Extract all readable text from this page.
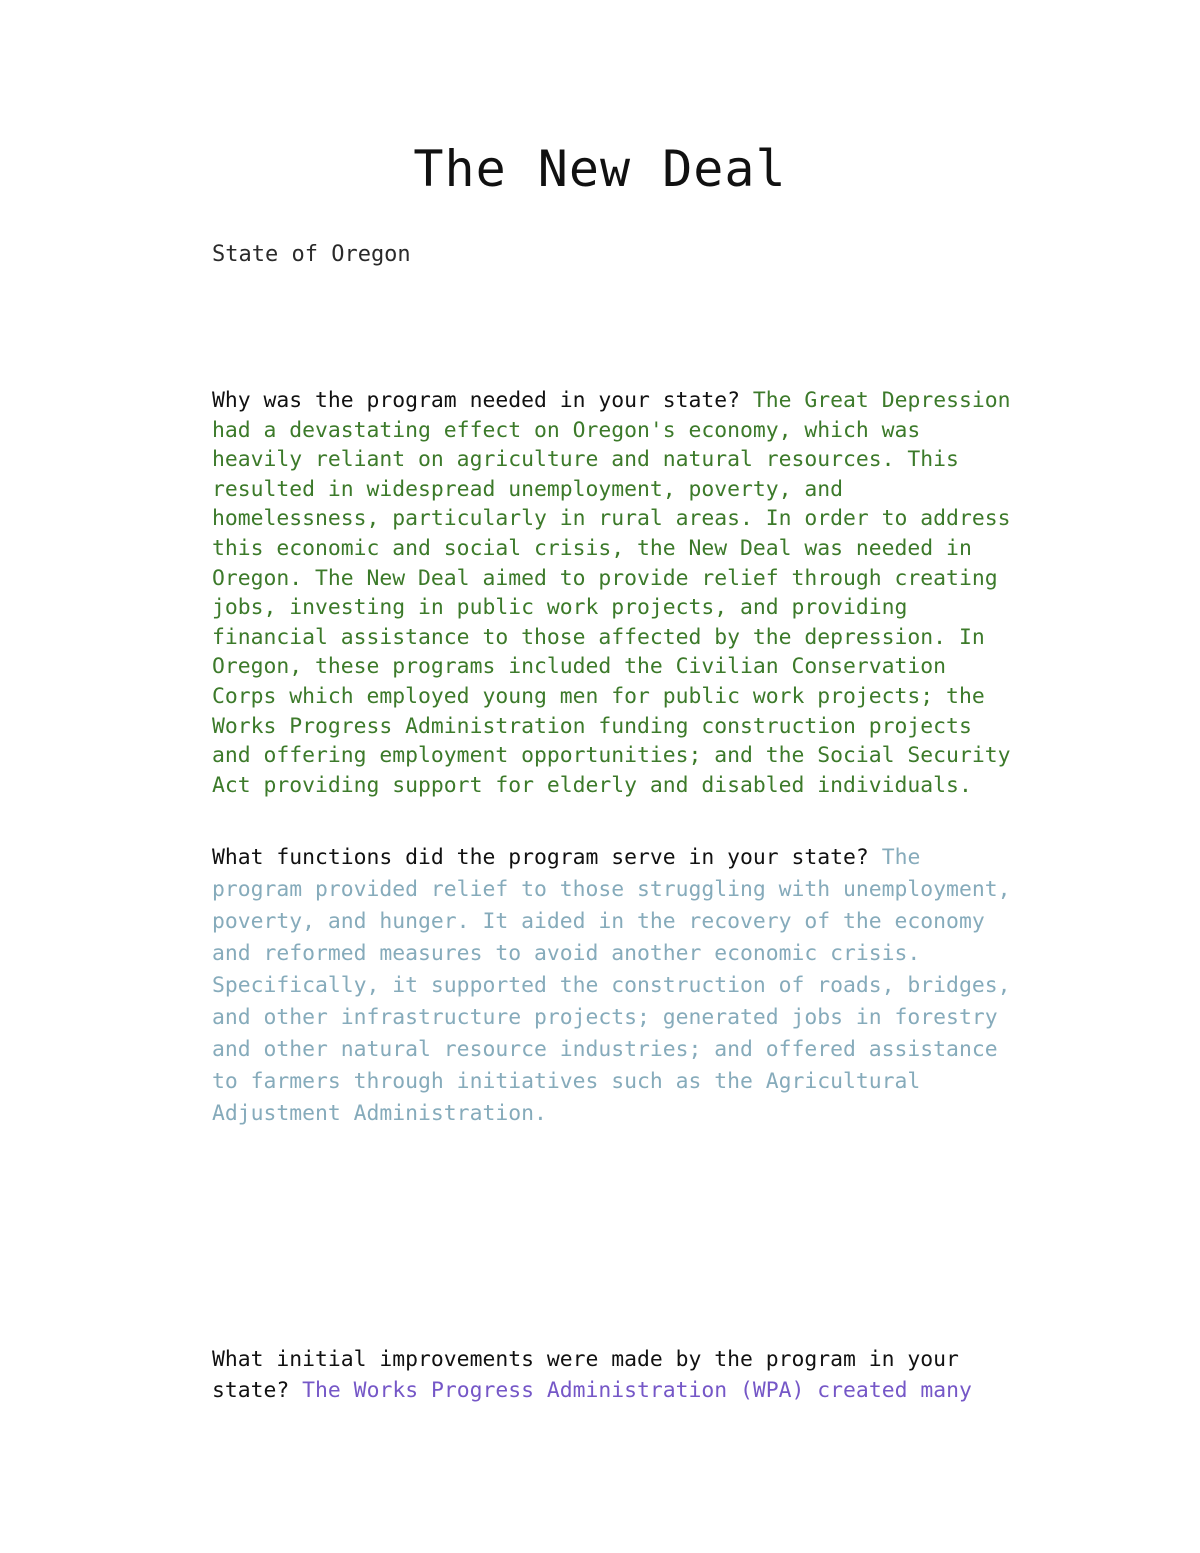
The New Deal

State of Oregon

Why was the program needed in your state? The Great Depression had a devastating effect on Oregon's economy, which was heavily reliant on agriculture and natural resources. This resulted in widespread unemployment, poverty, and homelessness, particularly in rural areas. In order to address this economic and social crisis, the New Deal was needed in Oregon. The New Deal aimed to provide relief through creating jobs, investing in public work projects, and providing financial assistance to those affected by the depression. In Oregon, these programs included the Civilian Conservation Corps which employed young men for public work projects; the Works Progress Administration funding construction projects and offering employment opportunities; and the Social Security Act providing support for elderly and disabled individuals.

What functions did the program serve in your state? The program provided relief to those struggling with unemployment, poverty, and hunger. It aided in the recovery of the economy and reformed measures to avoid another economic crisis. Specifically, it supported the construction of roads, bridges, and other infrastructure projects; generated jobs in forestry and other natural resource industries; and offered assistance to farmers through initiatives such as the Agricultural Adjustment Administration.

What initial improvements were made by the program in your state? The Works Progress Administration (WPA) created many
